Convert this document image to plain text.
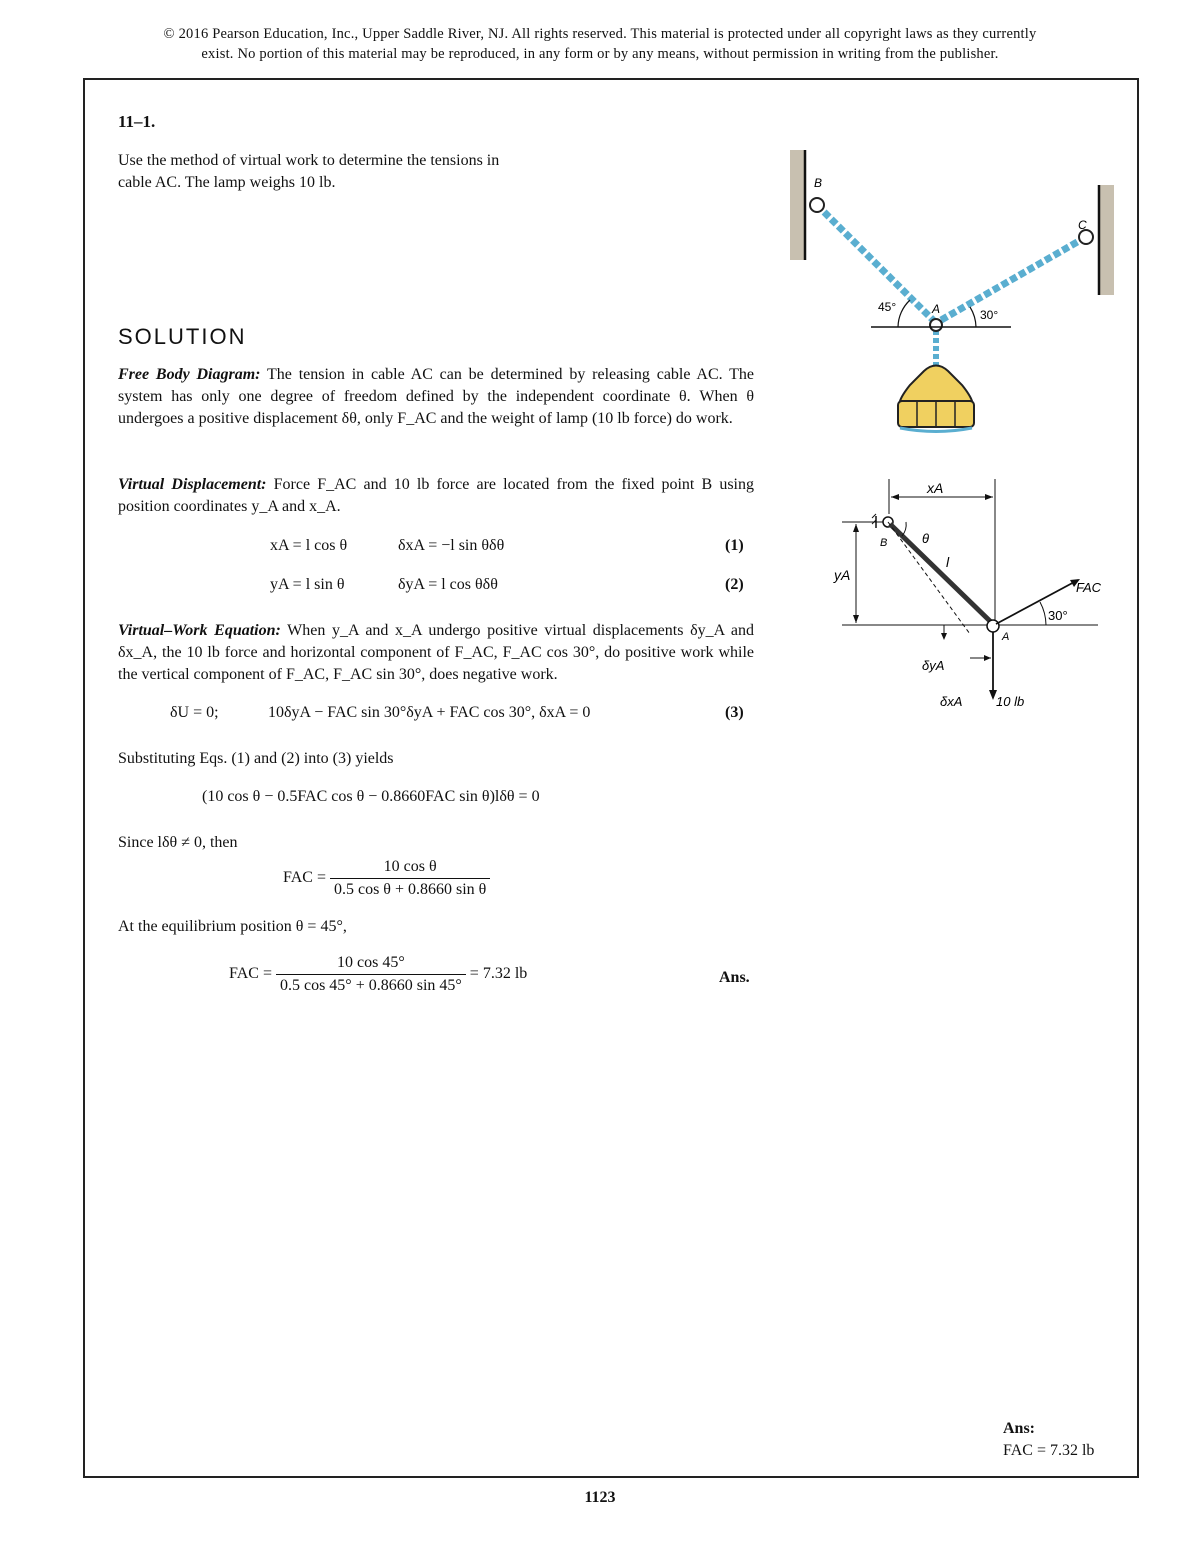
© 2016 Pearson Education, Inc., Upper Saddle River, NJ. All rights reserved. This material is protected under all copyright laws as they currently
exist. No portion of this material may be reproduced, in any form or by any means, without permission in writing from the publisher.
11–1.
Use the method of virtual work to determine the tensions in
cable AC. The lamp weighs 10 lb.
SOLUTION
Free Body Diagram: The tension in cable AC can be determined by releasing cable AC. The system has only one degree of freedom defined by the independent coordinate θ. When θ undergoes a positive displacement δθ, only F_AC and the weight of lamp (10 lb force) do work.
Virtual Displacement: Force F_AC and 10 lb force are located from the fixed point B using position coordinates y_A and x_A.
xA = l cos θ	δxA = −l sin θδθ	(1)
yA = l sin θ	δyA = l cos θδθ	(2)
Virtual–Work Equation: When y_A and x_A undergo positive virtual displacements δy_A and δx_A, the 10 lb force and horizontal component of F_AC, F_AC cos 30°, do positive work while the vertical component of F_AC, F_AC sin 30°, does negative work.
δU = 0;	10δyA − FAC sin 30°δyA + FAC cos 30°, δxA = 0	(3)
Substituting Eqs. (1) and (2) into (3) yields
(10 cos θ − 0.5FAC cos θ − 0.8660FAC sin θ)lδθ = 0
Since lδθ ≠ 0, then
FAC = $\frac{\text{10 cos θ}}{\text{0.5 cos θ + 0.8660 sin θ}}$
At the equilibrium position θ = 45°,
FAC = $\frac{10 \cos 45^\circ}{0.5 \cos 45^\circ + 0.8660 \sin 45^\circ} = 7.32$ lb	Ans.
Ans:
FAC = 7.32 lb
45°
30°
B
C
A
xA
yA
B	θ
l
A
FAC
30°
10 lb
δyA
δxA
1123
